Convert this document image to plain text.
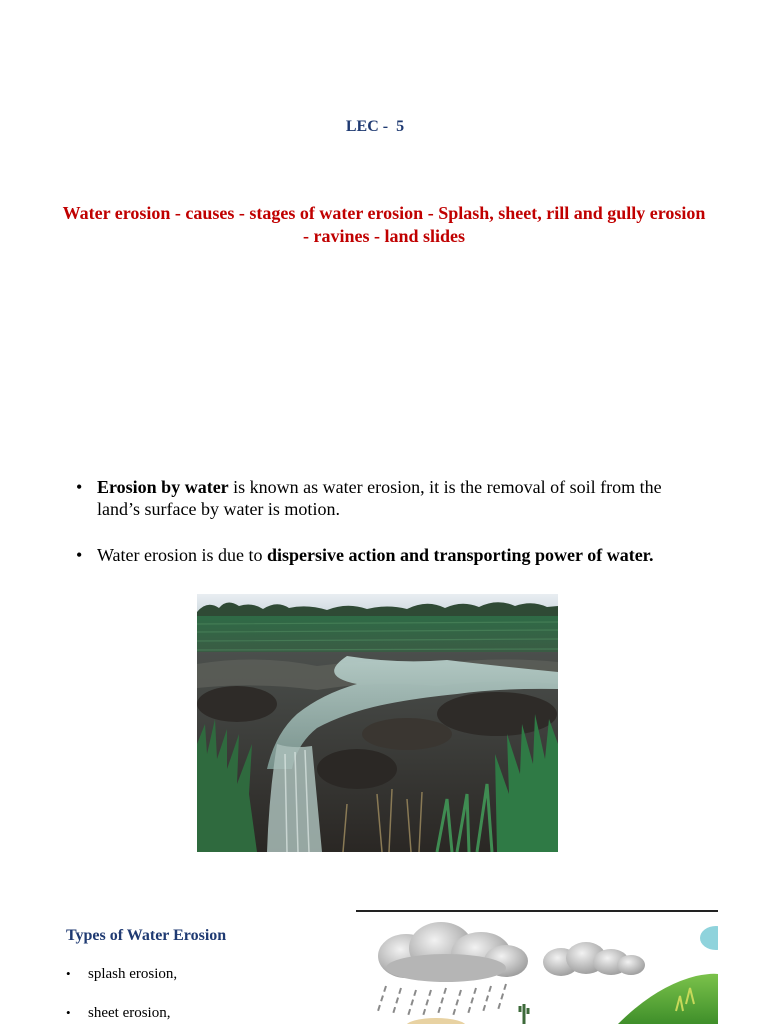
LEC -  5
Water erosion - causes - stages of water erosion - Splash, sheet, rill and gully erosion - ravines - land slides
• Erosion by water is known as water erosion, it is the removal of soil from the land’s surface by water is motion.
• Water erosion is due to dispersive action and transporting power of water.
Types of Water Erosion
• splash erosion,
• sheet erosion,
